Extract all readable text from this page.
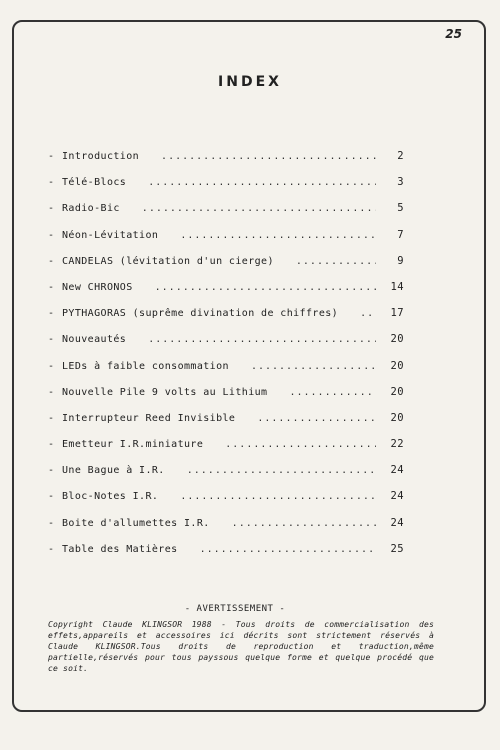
25
INDEX
- Introduction .....	2
- Télé-Blocs .....	3
- Radio-Bic .....	5
- Néon-Lévitation .....	7
- CANDELAS (lévitation d'un cierge) .....	9
- New CHRONOS .....	14
- PYTHAGORAS (suprême divination de chiffres) .....	17
- Nouveautés .....	20
- LEDs à faible consommation .....	20
- Nouvelle Pile 9 volts au Lithium .....	20
- Interrupteur Reed Invisible .....	20
- Emetteur I.R.miniature .....	22
- Une Bague à I.R. .....	24
- Bloc-Notes I.R. .....	24
- Boite d'allumettes I.R. .....	24
- Table des Matières .....	25
- AVERTISSEMENT -

Copyright Claude KLINGSOR 1988 - Tous droits de commercialisation des effets,appareils et accessoires ici décrits sont strictement réservés à Claude KLINGSOR.Tous droits de reproduction et traduction,même partielle,réservés pour tous payssous quelque forme et quelque procédé que ce soit.
